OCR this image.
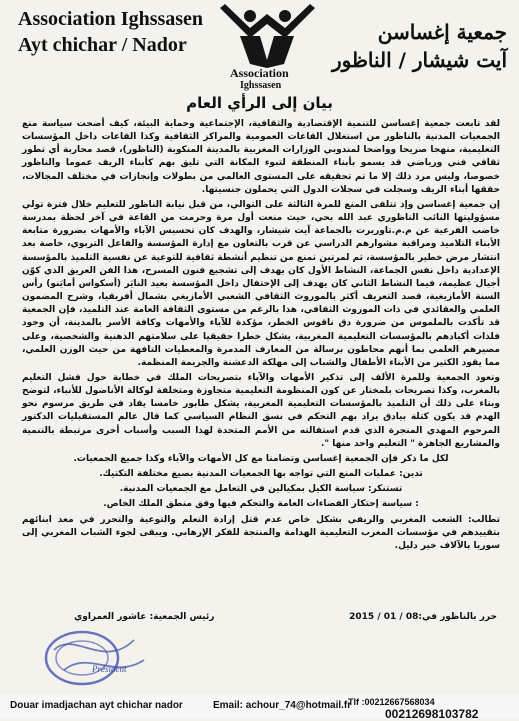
Association Ighssasen
Ayt chichar / Nador
Association
Ighssasen
جمعية إغساسن
آيت شيشار / الناظور
بيان إلى الرأي العام

لقد تابعت جمعية إغساسن للتنمية الإقتصادية والثقافية، الإجتماعية وحماية البيئة، كيف أضحت سياسة منع الجمعيات المدنية بالناظور من استغلال القاعات العمومية والمراكز الثقافية وكذا القاعات داخل المؤسسات التعليمية، منهجا صريحا وواضحا لمندوبي الوزارات المغربية بالمدينة المنكوبة (الناظور)، قصد محاربة أي تطور ثقافي فني ورياضي قد يسمو بأبناء المنطقة لتبوء المكانة التي تليق بهم كأبناء الريف عموما والناظور خصوصا، وليس مرد ذلك إلا ما تم تحقيقه على المستوى العالمي من بطولات وإنجازات في مختلف المجالات، حققها أبناء الريف وسجلت في سجلات الدول التي يحملون جنسيتها.

إن جمعية إغساسن وإذ تتلقى المنع للمرة الثالثة على التوالي، من قبل نيابة الناظور للتعليم خلال فترة تولي مسؤوليتها النائب الناظوري عبد الله بحي، حيث منعت أول مرة وحرمت من القاعة في آخر لحظة بمدرسة خاضب الفرعية عن م.م.تاوريرت بالجماعة آيت شيشار، والهدف كان تحسيس الآباء والأمهات بضرورة متابعة الأبناء التلاميذ ومراقبة مشوارهم الدراسي عن قرب بالتعاون مع إدارة المؤسسة والفاعل التربوي، خاصة بعد انتشار مرض خطير بالمؤسسة، ثم لمرتين تمنع من تنظيم أنشطة ثقافية للتوعية عن نفسية التلميذ بالمؤسسة الإعدادية داخل نفس الجماعة، النشاط الأول كان يهدف إلى تشجيع فنون المسرح، هذا الفن العريق الذي كوّن أجيال عظيمة، فيما النشاط الثاني كان يهدف إلى الإحتفال داخل المؤسسة بعيد النايَر (أسكواس أمايَنو) رأس السنة الأمازيغية، قصد التعريف أكثر بالموروث الثقافي الشعبي الأمازيغي بشمال أفريقيا، وشرح المضمون العلمي والعقائدي في ذات الموروث الثقافي، هذا بالرغم من مستوى الثقافة العامة عند التلميذ، فإن الجمعية قد تأكدت بالملموس من ضرورة دق ناقوس الخطر، مؤكدة للآباء والأمهات وكافة الأسر بالمدينة، أن وجود فلذات أكبادهم بالمؤسسات التعليمية المغربية، يشكل خطرا حقيقيا على سلامتهم الذهنية والشخصية، وعلى مصيرهم العلمي بما أنهم محاطون برسالة من المعارف المدمرة والمعطيات التافهة من حيث الوزن العلمي، مما يقود الكثير من الأبناء الأطفال والشباب إلى مهلكة الدعشنة والجريمة المنظمة.

وتعود الجمعية وللمرة الألف إلى تذكير الأمهات والآباء بتصريحات الملك في خطابة حول فشل التعليم بالمغرب، وكذا تصريحات بلمختار عن كون المنظومة التعليمية متجاوزة ومتخلفة لوكالة الأناضول للأنباء، لتوضح وبناء على ذلك أن التلميذ بالمؤسسات التعليمية المغربية، يشكل طابور خامسا يقاد في طريق مرسوم نحو الهدم قد يكون كتلة بيادق يراد بهم التحكم في نسق النظام السياسي كما قال عالم المستقبليات الدكتور المرحوم المهدي المنجرة الذي قدم استقالته من الأمم المتحدة لهذا السبب وأسباب أخرى مرتبطة بالتنمية والمشاريع الجاهزة " التعليم واحد منها ".

لكل ما ذكر فإن الجمعية إغساسن وتضامنا مع كل الأمهات والآباء وكذا جميع الجمعيات.

تدين: عمليات المنع التي تواجه بها الجمعيات المدنية بصيغ مختلفة التكتيك.

تستنكر: سياسة الكيل بمكيالين في التعامل مع الجمعيات المدنية.

: سياسة إحتكار الفضاءات العامة والتحكم فيها وفق منطق الملك الخاص.

تطالب: الشعب المغربي والريفي بشكل خاص عدم قتل إرادة التعلم والتوعية والتحرر في معد ابنائهم بتقييدهم في مؤسسات المغرب التعليمية الهدامة والمنتجة للفكر الإرهابي. ويبقى لجوء الشباب المغربي إلى سوريا بالآلاف خير دليل.

حرر بالناظور في:08 / 01 / 2015
رئيس الجمعية: عاشور العمراوي
Président
Douar imadjachan ayt chichar nador	Email: achour_74@hotmail.fr
Tlf :00212667568034
00212698103782
